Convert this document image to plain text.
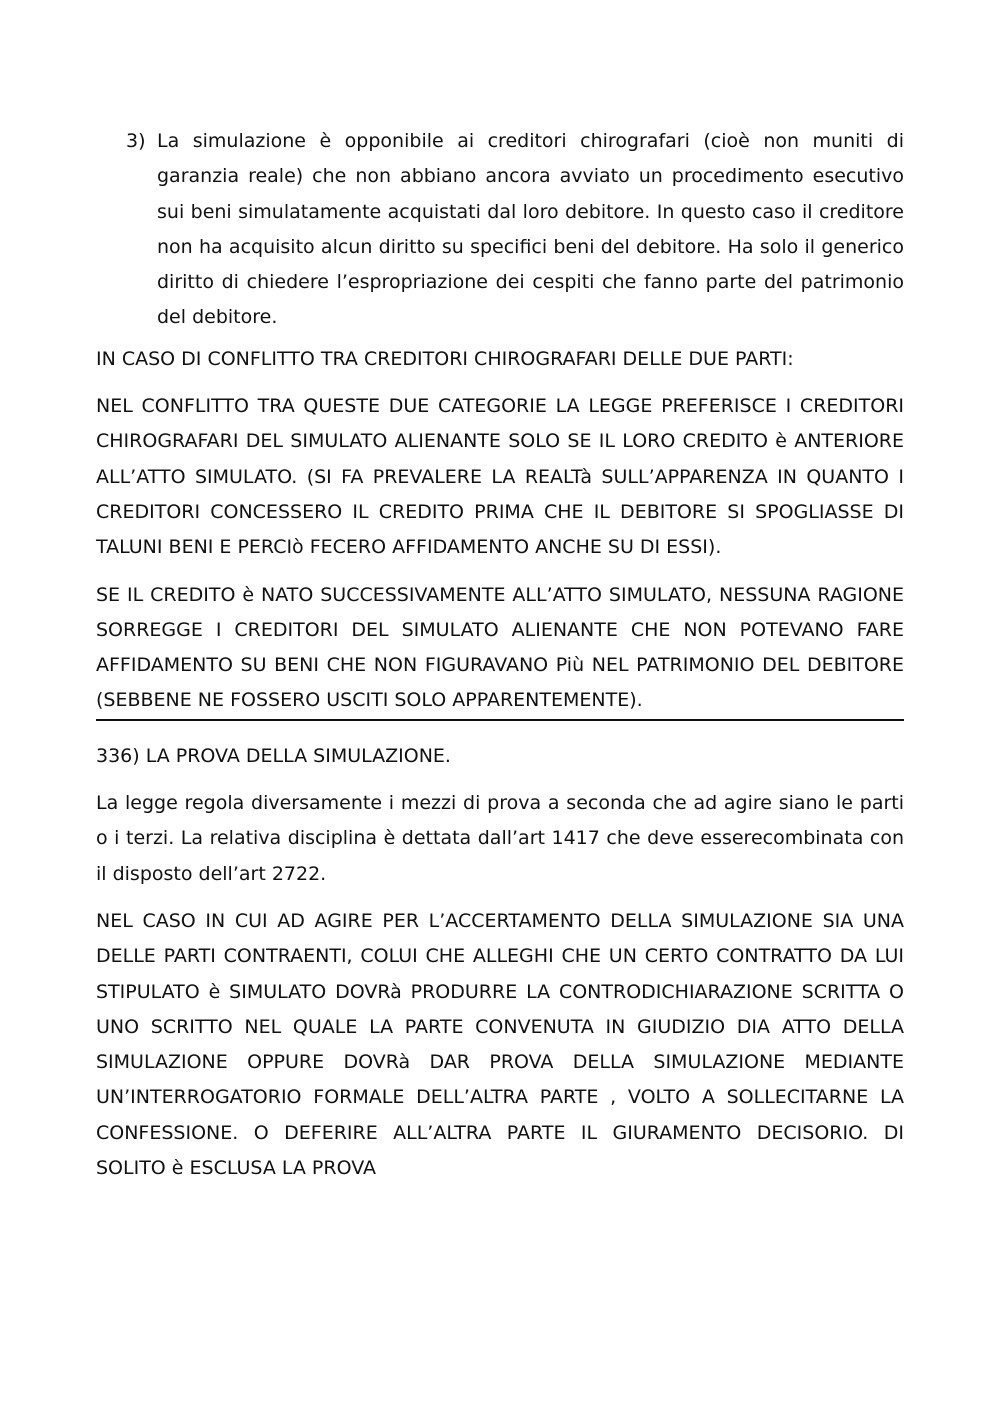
3) La simulazione è opponibile ai creditori chirografari (cioè non muniti di garanzia reale) che non abbiano ancora avviato un procedimento esecutivo sui beni simulatamente acquistati dal loro debitore. In questo caso il creditore non ha acquisito alcun diritto su specifici beni del debitore. Ha solo il generico diritto di chiedere l’espropriazione dei cespiti che fanno parte del patrimonio del debitore.

IN CASO DI CONFLITTO TRA CREDITORI CHIROGRAFARI DELLE DUE PARTI:

NEL CONFLITTO TRA QUESTE DUE CATEGORIE LA LEGGE PREFERISCE I CREDITORI CHIROGRAFARI DEL SIMULATO ALIENANTE SOLO SE IL LORO CREDITO è ANTERIORE ALL’ATTO SIMULATO. (SI FA PREVALERE LA REALTà SULL’APPARENZA IN QUANTO I CREDITORI CONCESSERO IL CREDITO PRIMA CHE IL DEBITORE SI SPOGLIASSE DI TALUNI BENI E PERCIò FECERO AFFIDAMENTO ANCHE SU DI ESSI).

SE IL CREDITO è NATO SUCCESSIVAMENTE ALL’ATTO SIMULATO, NESSUNA RAGIONE SORREGGE I CREDITORI DEL SIMULATO ALIENANTE CHE NON POTEVANO FARE AFFIDAMENTO SU BENI CHE NON FIGURAVANO Più NEL PATRIMONIO DEL DEBITORE (SEBBENE NE FOSSERO USCITI SOLO APPARENTEMENTE).

336) LA PROVA DELLA SIMULAZIONE.

La legge regola diversamente i mezzi di prova a seconda che ad agire siano le parti o i terzi. La relativa disciplina è dettata dall’art 1417 che deve esserecombinata con il disposto dell’art 2722.

NEL CASO IN CUI AD AGIRE PER L’ACCERTAMENTO DELLA SIMULAZIONE SIA UNA DELLE PARTI CONTRAENTI, COLUI CHE ALLEGHI CHE UN CERTO CONTRATTO DA LUI STIPULATO è SIMULATO DOVRà PRODURRE LA CONTRODICHIARAZIONE SCRITTA O UNO SCRITTO NEL QUALE LA PARTE CONVENUTA IN GIUDIZIO DIA ATTO DELLA SIMULAZIONE OPPURE DOVRà DAR PROVA DELLA SIMULAZIONE MEDIANTE UN’INTERROGATORIO FORMALE DELL’ALTRA PARTE , VOLTO A SOLLECITARNE LA CONFESSIONE. O DEFERIRE ALL’ALTRA PARTE IL GIURAMENTO DECISORIO. DI SOLITO è ESCLUSA LA PROVA
